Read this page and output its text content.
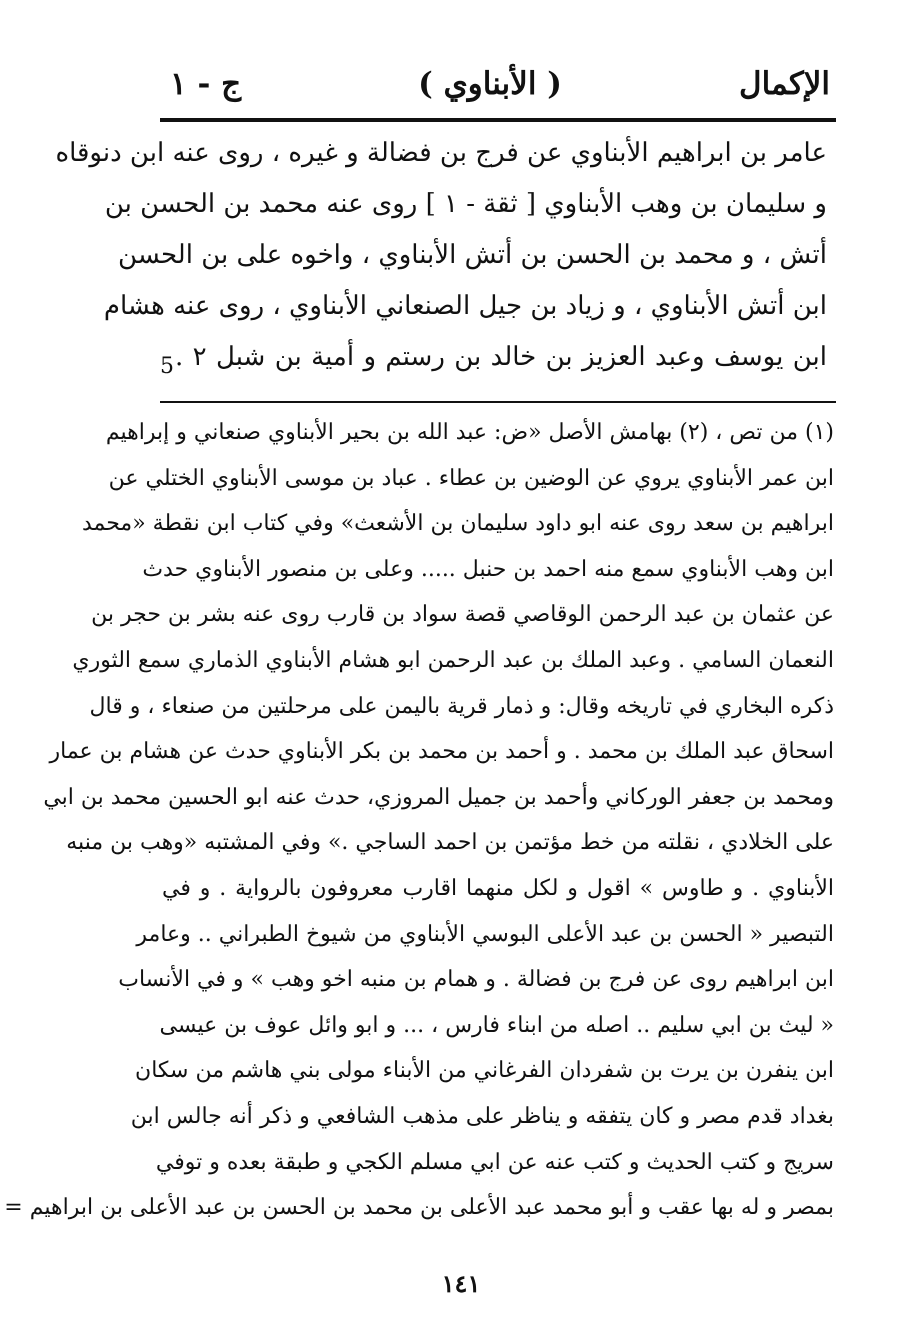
الإكمال
( الأبناوي )
ج - ١
عامر بن ابراهيم الأبناوي عن فرج بن فضالة و غيره ، روى عنه ابن دنوقاه
و سليمان بن وهب الأبناوي [ ثقة - ١ ] روى عنه محمد بن الحسن بن
أتش ، و محمد بن الحسن بن أتش الأبناوي ، واخوه على بن الحسن
ابن أتش الأبناوي ، و زياد بن جيل الصنعاني الأبناوي ، روى عنه هشام
ابن يوسف وعبد العزيز بن خالد بن رستم و أمية بن شبل ٢ .
5
(١) من تص ، (٢) بهامش الأصل «ض: عبد الله بن بحير الأبناوي صنعاني و إبراهيم
ابن عمر الأبناوي يروي عن الوضين بن عطاء . عباد بن موسى الأبناوي الختلي عن
ابراهيم بن سعد روى عنه ابو داود سليمان بن الأشعث» وفي كتاب ابن نقطة «محمد
ابن وهب الأبناوي سمع منه احمد بن حنبل ..... وعلى بن منصور الأبناوي حدث
عن عثمان بن عبد الرحمن الوقاصي قصة سواد بن قارب روى عنه بشر بن حجر بن
النعمان السامي . وعبد الملك بن عبد الرحمن ابو هشام الأبناوي الذماري سمع الثوري
ذكره البخاري في تاريخه وقال: و ذمار قرية باليمن على مرحلتين من صنعاء ، و قال
اسحاق عبد الملك بن محمد . و أحمد بن محمد بن بكر الأبناوي حدث عن هشام بن عمار
ومحمد بن جعفر الوركاني وأحمد بن جميل المروزي، حدث عنه ابو الحسين محمد بن ابي
على الخلادي ، نقلته من خط مؤتمن بن احمد الساجي .» وفي المشتبه «وهب بن منبه
الأبناوي . و طاوس » اقول و لكل منهما اقارب معروفون بالرواية . و في
التبصير « الحسن بن عبد الأعلى البوسي الأبناوي من شيوخ الطبراني .. وعامر
ابن ابراهيم روى عن فرج بن فضالة . و همام بن منبه اخو وهب » و في الأنساب
« ليث بن ابي سليم .. اصله من ابناء فارس ، ... و ابو وائل عوف بن عيسى
ابن ينفرن بن يرت بن شفردان الفرغاني من الأبناء مولى بني هاشم من سكان
بغداد قدم مصر و كان يتفقه و يناظر على مذهب الشافعي و ذكر أنه جالس ابن
سريج و كتب الحديث و كتب عنه عن ابي مسلم الكجي و طبقة بعده و توفي
بمصر و له بها عقب و أبو محمد عبد الأعلى بن محمد بن الحسن بن عبد الأعلى بن ابراهيم =
١٤١
